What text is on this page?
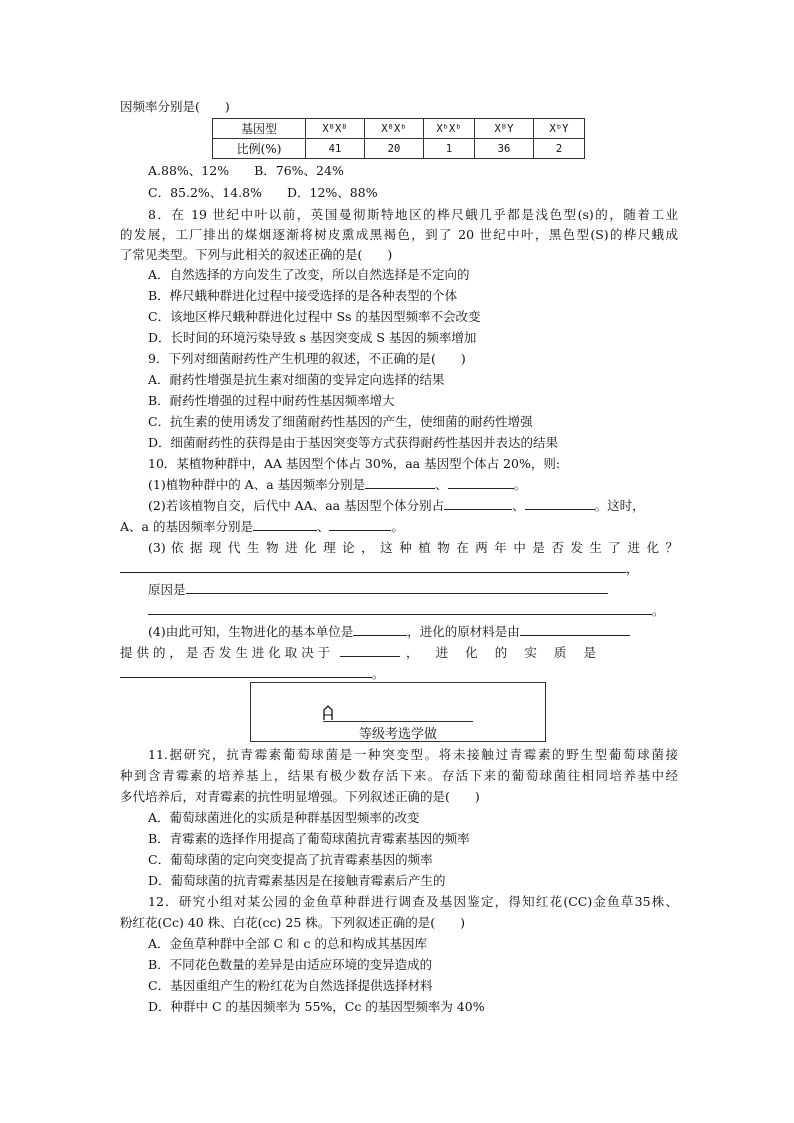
因频率分别是(　　)
基因型	XᴮXᴮ	XᴮXᵇ	XᵇXᵇ	XᴮY	XᵇY
比例(%)	41	20	1	36	2
A.88%、12%　　B．76%、24%
C．85.2%、14.8%　　D．12%、88%
8．在 19 世纪中叶以前，英国曼彻斯特地区的桦尺蛾几乎都是浅色型(s)的，随着工业
的发展，工厂排出的煤烟逐渐将树皮熏成黑褐色，到了 20 世纪中叶，黑色型(S)的桦尺蛾成
了常见类型。下列与此相关的叙述正确的是(　　)
A．自然选择的方向发生了改变，所以自然选择是不定向的
B．桦尺蛾种群进化过程中接受选择的是各种表型的个体
C．该地区桦尺蛾种群进化过程中 Ss 的基因型频率不会改变
D．长时间的环境污染导致 s 基因突变成 S 基因的频率增加
9．下列对细菌耐药性产生机理的叙述，不正确的是(　　)
A．耐药性增强是抗生素对细菌的变异定向选择的结果
B．耐药性增强的过程中耐药性基因频率增大
C．抗生素的使用诱发了细菌耐药性基因的产生，使细菌的耐药性增强
D．细菌耐药性的获得是由于基因突变等方式获得耐药性基因并表达的结果
10．某植物种群中，AA 基因型个体占 30%，aa 基因型个体占 20%，则:
(1)植物种群中的 A、a 基因频率分别是	、	。
(2)若该植物自交，后代中 AA、aa 基因型个体分别占	、	。这时，
A、a 的基因频率分别是	、	。
(3) 依 据 现 代 生 物 进 化 理 论 ， 这 种 植 物 在 两 年 中 是 否 发 生 了 进 化 ？
，
原因是
。
(4)由此可知，生物进化的基本单位是	，进化的原材料是由
提 供 的 ， 是 否 发 生 进 化 取 决 于	， 进 化 的 实 质 是
。
等级考选学做
11.据研究，抗青霉素葡萄球菌是一种突变型。将未接触过青霉素的野生型葡萄球菌接
种到含青霉素的培养基上，结果有极少数存活下来。存活下来的葡萄球菌往相同培养基中经
多代培养后，对青霉素的抗性明显增强。下列叙述正确的是(　　)
A．葡萄球菌进化的实质是种群基因型频率的改变
B．青霉素的选择作用提高了葡萄球菌抗青霉素基因的频率
C．葡萄球菌的定向突变提高了抗青霉素基因的频率
D．葡萄球菌的抗青霉素基因是在接触青霉素后产生的
12．研究小组对某公园的金鱼草种群进行调查及基因鉴定，得知红花(CC)金鱼草35株、
粉红花(Cc) 40 株、白花(cc) 25 株。下列叙述正确的是(　　)
A．金鱼草种群中全部 C 和 c 的总和构成其基因库
B．不同花色数量的差异是由适应环境的变异造成的
C．基因重组产生的粉红花为自然选择提供选择材料
D．种群中 C 的基因频率为 55%，Cc 的基因型频率为 40%
